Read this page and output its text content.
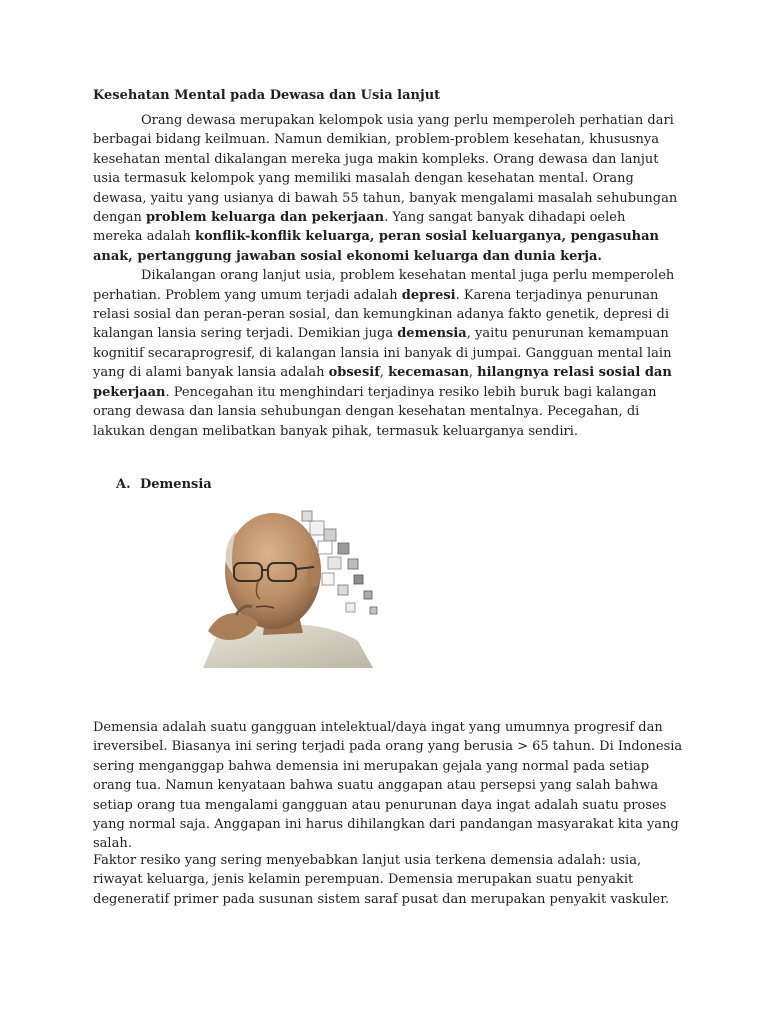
Kesehatan Mental pada Dewasa dan Usia lanjut

Orang dewasa merupakan kelompok usia yang perlu memperoleh perhatian dari berbagai bidang keilmuan. Namun demikian, problem-problem kesehatan, khususnya kesehatan mental dikalangan mereka juga makin kompleks. Orang dewasa dan lanjut usia termasuk kelompok yang memiliki masalah dengan kesehatan mental. Orang dewasa, yaitu yang usianya di bawah 55 tahun, banyak mengalami masalah sehubungan dengan problem keluarga dan pekerjaan. Yang sangat banyak dihadapi oeleh mereka adalah konflik-konflik keluarga, peran sosial keluarganya, pengasuhan anak, pertanggung jawaban sosial ekonomi keluarga dan dunia kerja.

Dikalangan orang lanjut usia, problem kesehatan mental juga perlu memperoleh perhatian. Problem yang umum terjadi adalah depresi. Karena terjadinya penurunan relasi sosial dan peran-peran sosial, dan kemungkinan adanya fakto genetik, depresi di kalangan lansia sering terjadi. Demikian juga demensia, yaitu penurunan kemampuan kognitif secaraprogresif, di kalangan lansia ini banyak di jumpai. Gangguan mental lain yang di alami banyak lansia adalah obsesif, kecemasan, hilangnya relasi sosial dan pekerjaan. Pencegahan itu menghindari terjadinya resiko lebih buruk bagi kalangan orang dewasa dan lansia sehubungan dengan kesehatan mentalnya. Pecegahan, di lakukan dengan melibatkan banyak pihak, termasuk keluarganya sendiri.

A. Demensia

Demensia adalah suatu gangguan intelektual/daya ingat yang umumnya progresif dan ireversibel. Biasanya ini sering terjadi pada orang yang berusia > 65 tahun. Di Indonesia sering menganggap bahwa demensia ini merupakan gejala yang normal pada setiap orang tua. Namun kenyataan bahwa suatu anggapan atau persepsi yang salah bahwa setiap orang tua mengalami gangguan atau penurunan daya ingat adalah suatu proses yang normal saja. Anggapan ini harus dihilangkan dari pandangan masyarakat kita yang salah.

Faktor resiko yang sering menyebabkan lanjut usia terkena demensia adalah: usia, riwayat keluarga, jenis kelamin perempuan. Demensia merupakan suatu penyakit degeneratif primer pada susunan sistem saraf pusat dan merupakan penyakit vaskuler.
